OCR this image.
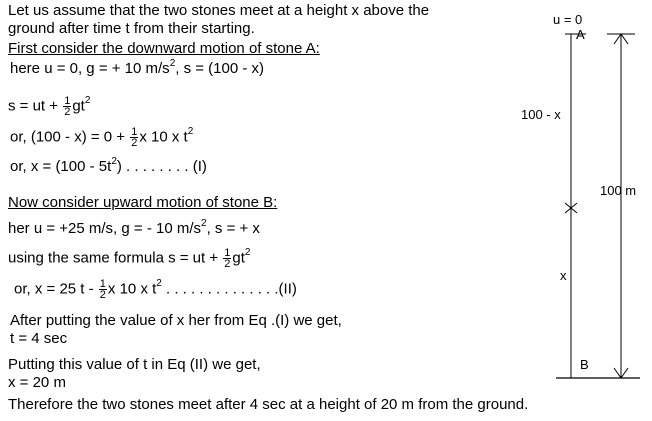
Let us assume that the two stones meet at a height x above the
ground after time t from their starting.
First consider the downward motion of stone A:
here u = 0, g = + 10 $m/s^2$, s = (100 - x)
s = ut + $\frac{1}{2} gt^2$
or, $(100 - x) = 0 + \frac{1}{2}$ x 10 x $t^2$
or, $x = (100 - 5t^2)$ . . . . . . . . (I)
Now consider upward motion of stone B:
her u = +25 m/s, g = - 10 $m/s^2$, s = + x
using the same formula s = ut + $\frac{1}{2} gt^2$
or, x = 25 t - $\frac{1}{2}$ x 10 x $t^2$ . . . . . . . . . . . . . .(II)
After putting the value of x her from Eq .(I) we get,
t = 4 sec
Putting this value of t in Eq (II) we get,
x = 20 m
Therefore the two stones meet after 4 sec at a height of 20 m from the ground.
u = 0
A
100 - x
100 m
x
B
